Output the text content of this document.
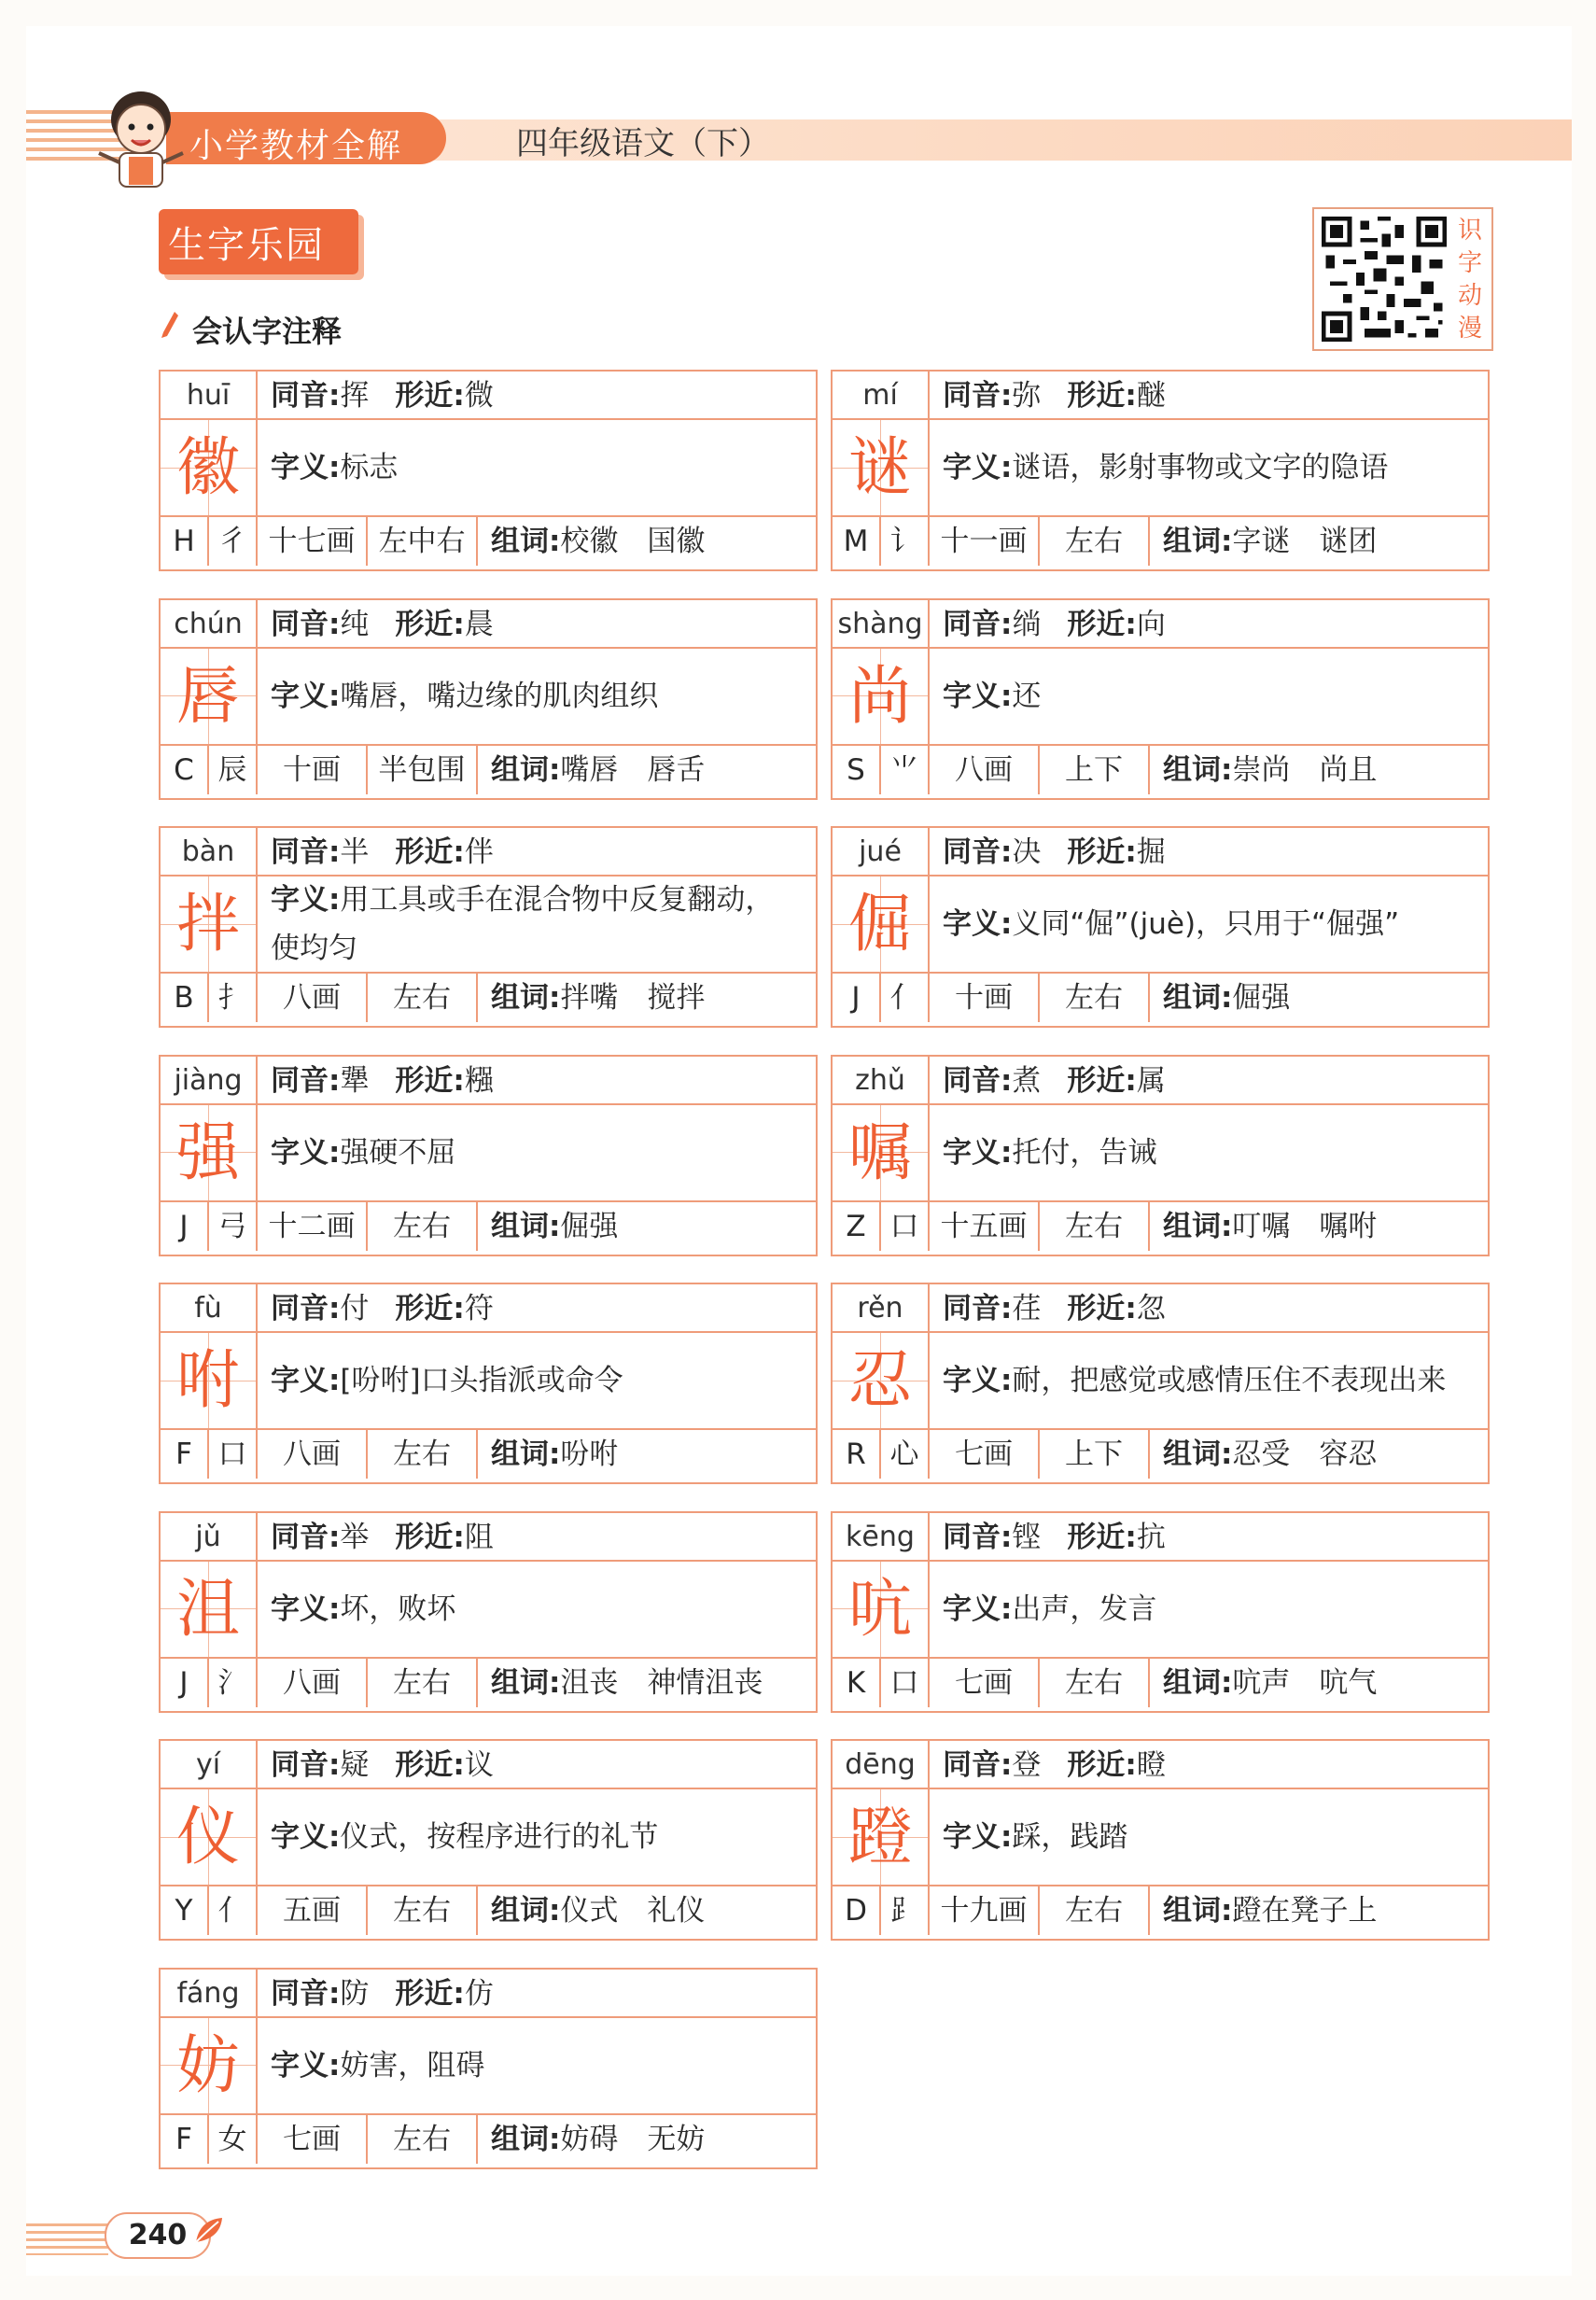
小学教材全解	四年级语文（下）
生字乐园
会认字注释
识字动漫
huī	同音:挥 形近:微
徽	字义:标志
H 彳 十七画 左中右 组词:校徽　国徽
mí	同音:弥 形近:醚
谜	字义:谜语，影射事物或文字的隐语
M 讠 十一画	左右	组词:字谜　谜团
chún 同音:纯 形近:晨
唇	字义:嘴唇，嘴边缘的肌肉组织
C 辰	十画	半包围 组词:嘴唇　唇舌
shàng 同音:绱 形近:向
尚	字义:还
S ⺌	八画	上下	组词:崇尚　尚且
bàn	同音:半 形近:伴
拌	字义:用工具或手在混合物中反复翻动，使均匀
B 扌	八画	左右	组词:拌嘴　搅拌
jué	同音:决 形近:掘
倔	字义:义同“倔”(juè)，只用于“倔强”
J	亻	十画	左右	组词:倔强
jiàng 同音:犟 形近:糨
强	字义:强硬不屈
J	弓 十二画	左右	组词:倔强
zhǔ	同音:煮 形近:属
嘱	字义:托付，告诫
Z 口 十五画	左右	组词:叮嘱　嘱咐
fù	同音:付 形近:符
咐	字义:[吩咐]口头指派或命令
F 口	八画	左右	组词:吩咐
rěn	同音:荏 形近:忽
忍	字义:耐，把感觉或感情压住不表现出来
R 心	七画	上下	组词:忍受　容忍
jǔ	同音:举 形近:阻
沮	字义:坏，败坏
J	氵	八画	左右	组词:沮丧　神情沮丧
kēng 同音:铿 形近:抗
吭	字义:出声，发言
K 口	七画	左右	组词:吭声　吭气
yí	同音:疑 形近:议
仪	字义:仪式，按程序进行的礼节
Y 亻	五画	左右	组词:仪式　礼仪
dēng 同音:登 形近:瞪
蹬	字义:踩，践踏
D ⻊ 十九画	左右	组词:蹬在凳子上
fáng	同音:防 形近:仿
妨	字义:妨害，阻碍
F 女	七画	左右	组词:妨碍　无妨
240
